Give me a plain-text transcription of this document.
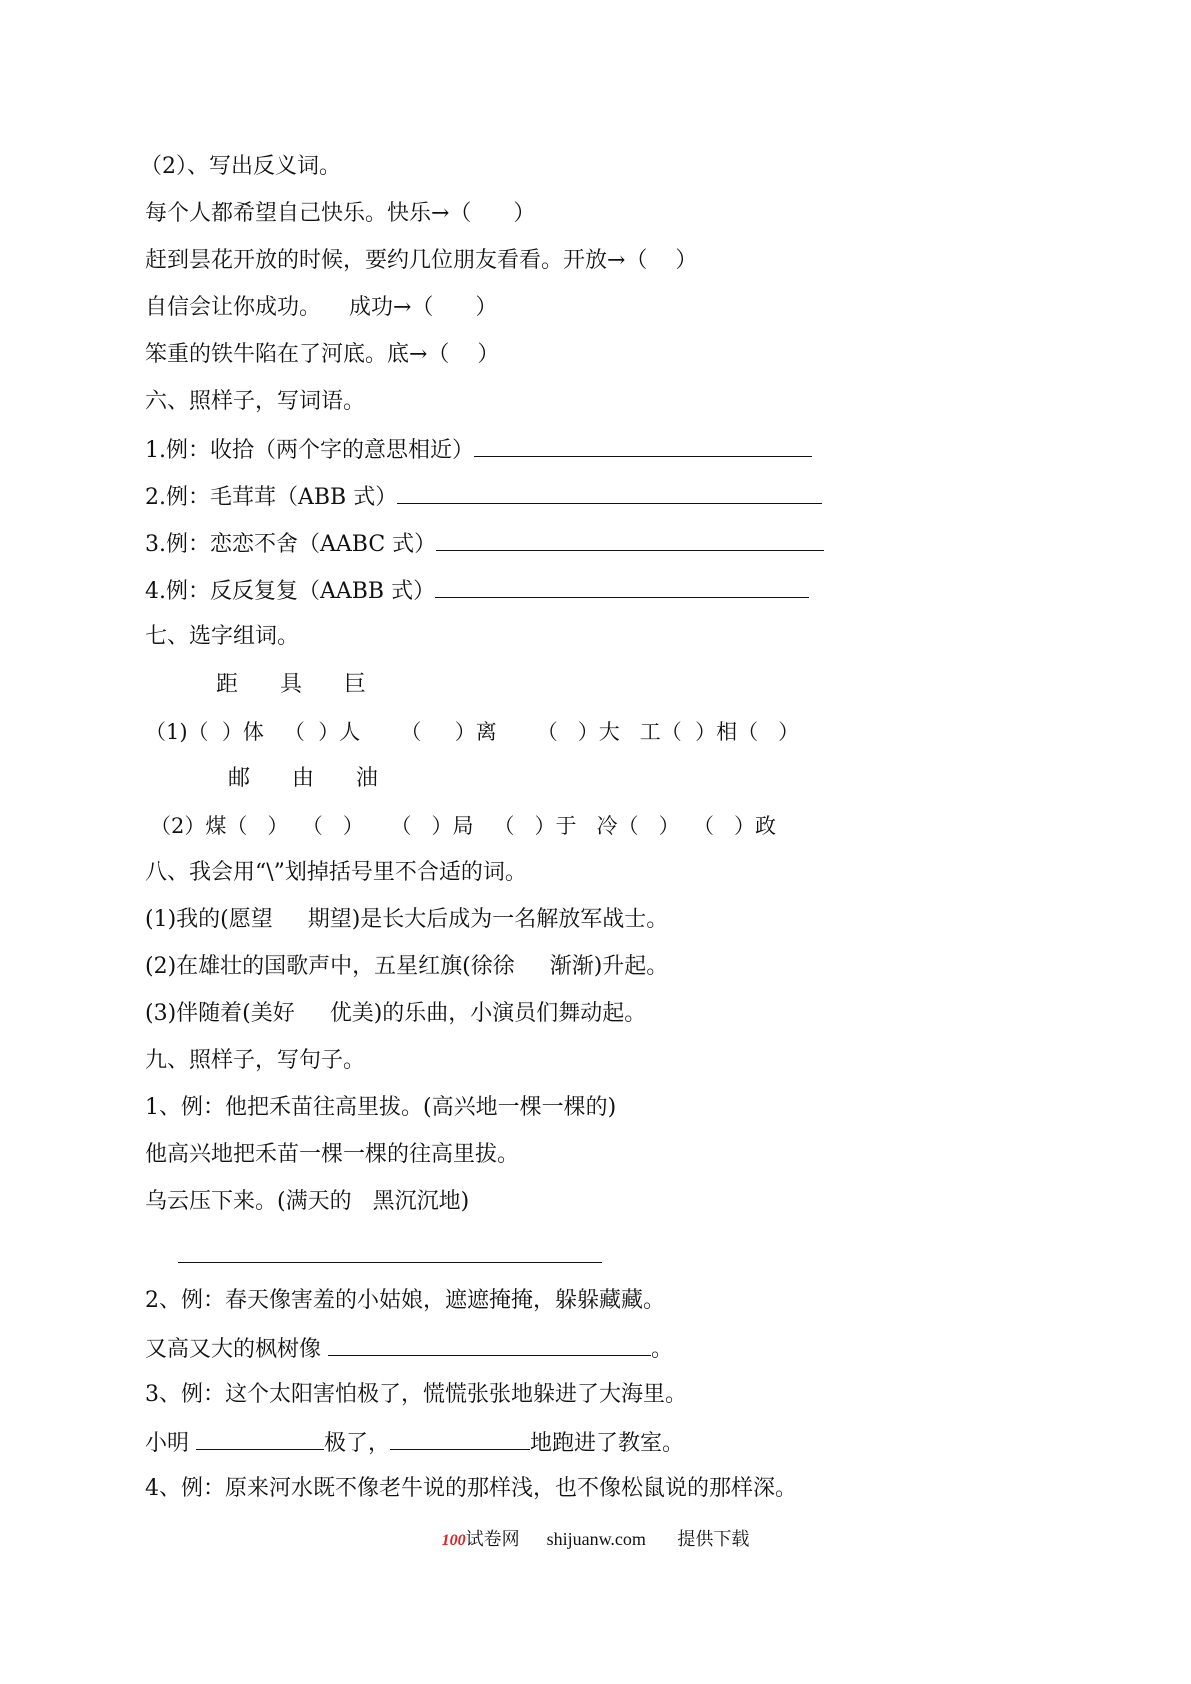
（2）、写出反义词。
每个人都希望自己快乐。快乐→（      ）
赶到昙花开放的时候，要约几位朋友看看。开放→（    ）
自信会让你成功。    成功→（      ）
笨重的铁牛陷在了河底。底→（    ）
六、照样子，写词语。
1.例：收拾（两个字的意思相近）
2.例：毛茸茸（ABB 式）
3.例：恋恋不舍（AABC 式）
4.例：反反复复（AABB 式）
七、选字组词。
距      具      巨
（1)（  ）体   （  ）人      （     ）离      （   ）大   工（  ）相（   ）
邮      由      油
（2）煤（   ）  （   ）    （   ）局   （   ）于   冷（   ）  （   ）政
八、我会用“\”划掉括号里不合适的词。
(1)我的(愿望     期望)是长大后成为一名解放军战士。
(2)在雄壮的国歌声中，五星红旗(徐徐     渐渐)升起。
(3)伴随着(美好     优美)的乐曲，小演员们舞动起。
九、照样子，写句子。
1、例：他把禾苗往高里拔。(高兴地一棵一棵的)
他高兴地把禾苗一棵一棵的往高里拔。
乌云压下来。(满天的   黑沉沉地)
2、例：春天像害羞的小姑娘，遮遮掩掩，躲躲藏藏。
又高又大的枫树像	。
3、例：这个太阳害怕极了，慌慌张张地躲进了大海里。
小明	极了，	地跑进了教室。
4、例：原来河水既不像老牛说的那样浅，也不像松鼠说的那样深。
100试卷网 shijuanw.com 提供下载
